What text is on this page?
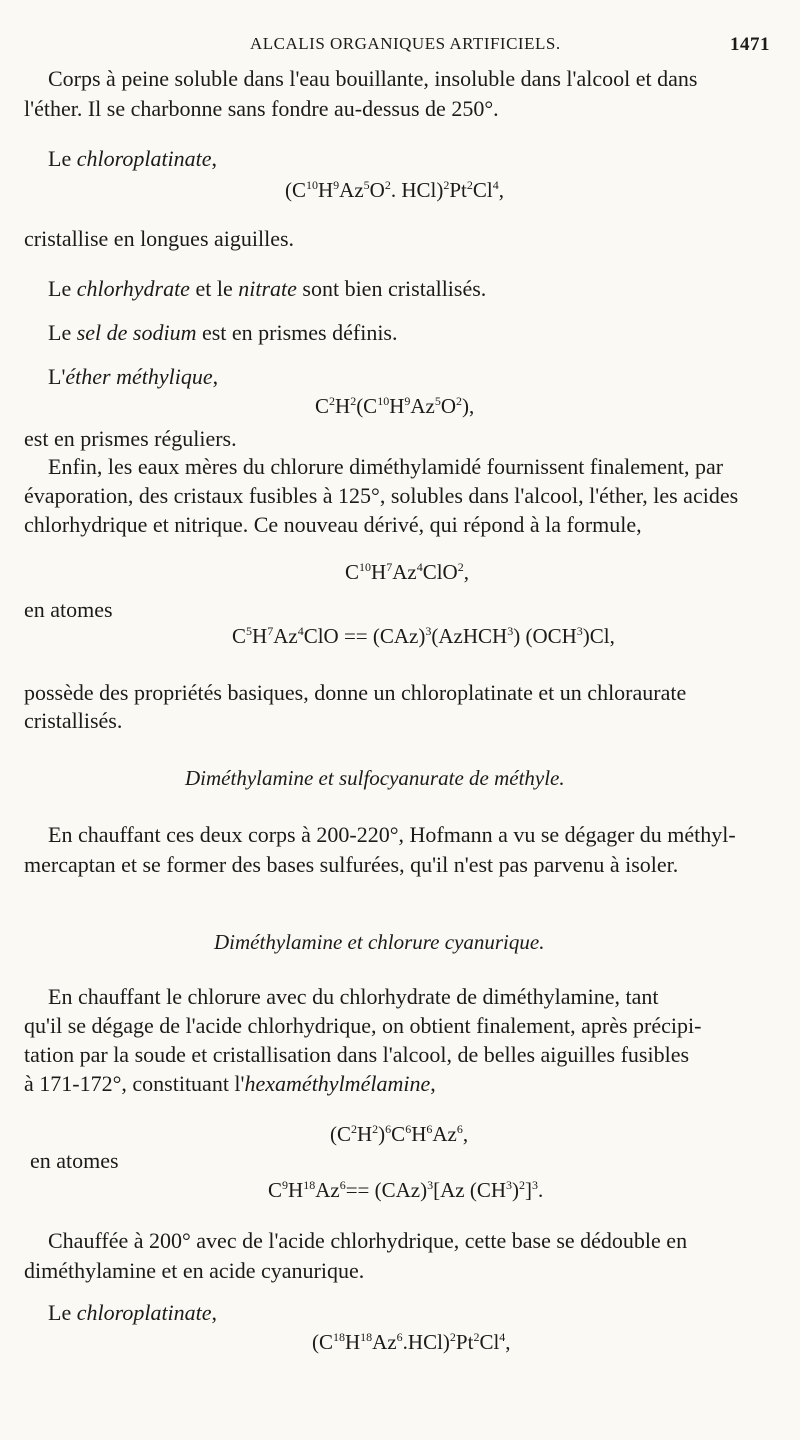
ALCALIS ORGANIQUES ARTIFICIELS.	1471

Corps à peine soluble dans l'eau bouillante, insoluble dans l'alcool et dans

l'éther. Il se charbonne sans fondre au-dessus de 250°.

Le chloroplatinate,

($C^{10}H^9Az^5O^2$. HCl)$^2$Pt$^2$Cl$^4$,

cristallise en longues aiguilles.

Le chlorhydrate et le nitrate sont bien cristallisés.

Le sel de sodium est en prismes définis.

L'éther méthylique,

$C^2H^2(C^{10}H^9Az^5O^2)$,

est en prismes réguliers.

Enfin, les eaux mères du chlorure diméthylamidé fournissent finalement, par

évaporation, des cristaux fusibles à 125°, solubles dans l'alcool, l'éther, les acides

chlorhydrique et nitrique. Ce nouveau dérivé, qui répond à la formule,

$C^{10}H^7Az^4ClO^2$,

en atomes

$C^5H^7Az^4ClO$ == (CAz)$^3$(AzHCH$^3$) (OCH$^3$)Cl,

possède des propriétés basiques, donne un chloroplatinate et un chloraurate

cristallisés.

Diméthylamine et sulfocyanurate de méthyle.

En chauffant ces deux corps à 200-220°, Hofmann a vu se dégager du méthyl-

mercaptan et se former des bases sulfurées, qu'il n'est pas parvenu à isoler.

Diméthylamine et chlorure cyanurique.

En chauffant le chlorure avec du chlorhydrate de diméthylamine, tant

qu'il se dégage de l'acide chlorhydrique, on obtient finalement, après précipi-

tation par la soude et cristallisation dans l'alcool, de belles aiguilles fusibles

à 171-172°, constituant l'hexaméthylmélamine,

$(C^2H^2)^6C^6H^6Az^6$,

en atomes

$C^9H^{18}Az^6== (CAz)^3[Az$ $(CH^3)^2]^3$.

Chauffée à 200° avec de l'acide chlorhydrique, cette base se dédouble en

diméthylamine et en acide cyanurique.

Le chloroplatinate,

$(C^{18}H^{18}Az^6.HCl)^2Pt^2Cl^4$,
